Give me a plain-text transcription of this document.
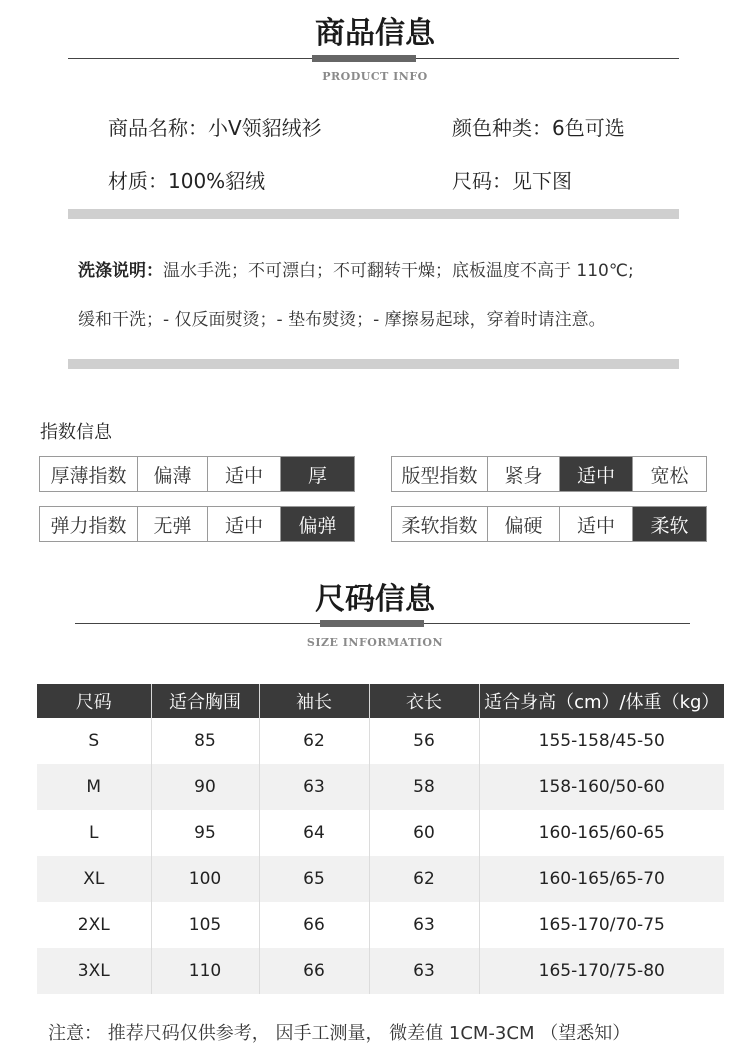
商品信息
PRODUCT INFO
商品名称：小V领貂绒衫	颜色种类：6色可选
材质：100%貂绒	尺码：见下图
洗涤说明：温水手洗；不可漂白；不可翻转干燥；底板温度不高于 110℃;
缓和干洗；- 仅反面熨烫；- 垫布熨烫；- 摩擦易起球，穿着时请注意。
指数信息
厚薄指数	偏薄	适中	厚	版型指数	紧身	适中	宽松
弹力指数	无弹	适中	偏弹	柔软指数	偏硬	适中	柔软
尺码信息
SIZE INFORMATION
尺码	适合胸围	袖长	衣长	适合身高（cm）/体重（kg）
S	85	62	56	155-158/45-50
M	90	63	58	158-160/50-60
L	95	64	60	160-165/60-65
XL	100	65	62	160-165/65-70
2XL	105	66	63	165-170/70-75
3XL	110	66	63	165-170/75-80
注意： 推荐尺码仅供参考， 因手工测量， 微差值 1CM-3CM （望悉知）
